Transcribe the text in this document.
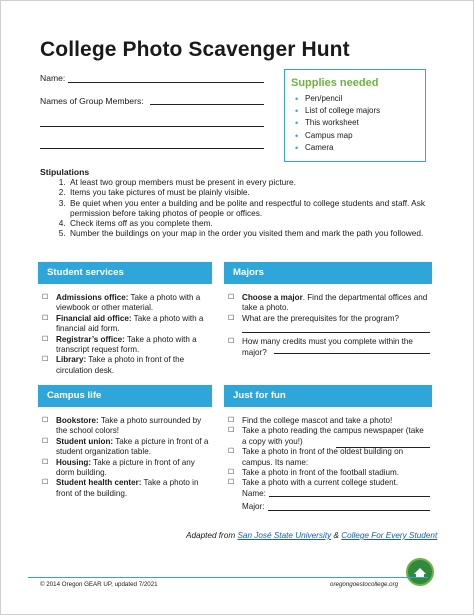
College Photo Scavenger Hunt
Name:
Names of Group Members:
Supplies needed
• Pen/pencil
• List of college majors
• This worksheet
• Campus map
• Camera
Stipulations
1. At least two group members must be present in every picture.
2. Items you take pictures of must be plainly visible.
3. Be quiet when you enter a building and be polite and respectful to college students and staff. Ask permission before taking photos of people or offices.
4. Check items off as you complete them.
5. Number the buildings on your map in the order you visited them and mark the path you followed.
Student services
☐ Admissions office: Take a photo with a viewbook or other material.
☐ Financial aid office: Take a photo with a financial aid form.
☐ Registrar’s office: Take a photo with a transcript request form.
☐ Library: Take a photo in front of the circulation desk.
Majors
☐ Choose a major. Find the departmental offices and take a photo.
☐ What are the prerequisites for the program?
☐ How many credits must you complete within the major?
Campus life
☐ Bookstore: Take a photo surrounded by the school colors!
☐ Student union: Take a picture in front of a student organization table.
☐ Housing: Take a picture in front of any dorm building.
☐ Student health center: Take a photo in front of the building.
Just for fun
☐ Find the college mascot and take a photo!
☐ Take a photo reading the campus newspaper (take a copy with you!)
☐ Take a photo in front of the oldest building on campus. Its name:
☐ Take a photo in front of the football stadium.
☐ Take a photo with a current college student.
Name:
Major:
Adapted from San José State University & College For Every Student
© 2014 Oregon GEAR UP, updated 7/2021	oregongoestocollege.org
